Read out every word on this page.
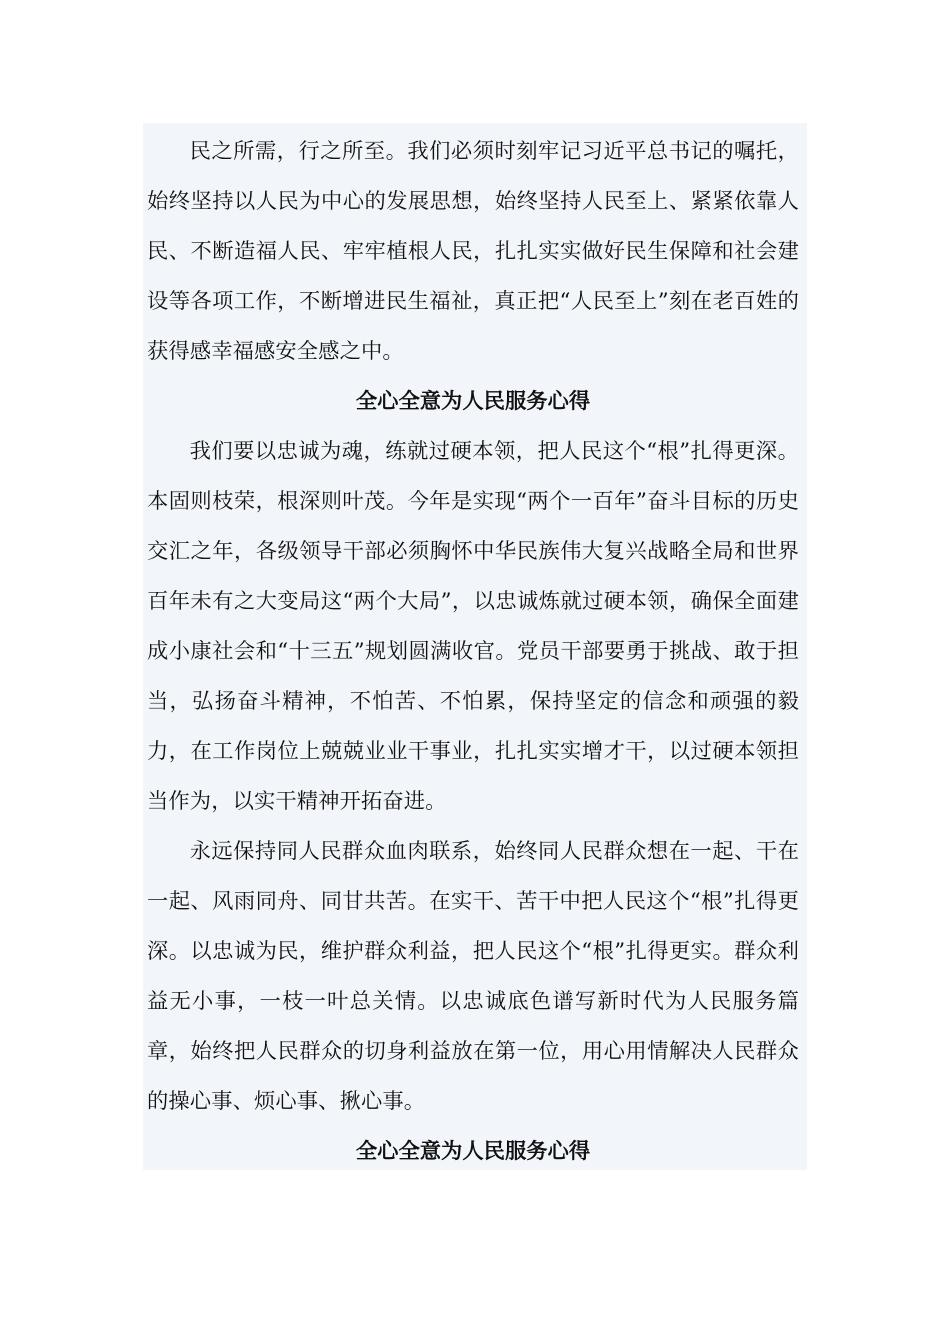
民之所需，行之所至。我们必须时刻牢记习近平总书记的嘱托，始终坚持以人民为中心的发展思想，始终坚持人民至上、紧紧依靠人民、不断造福人民、牢牢植根人民，扎扎实实做好民生保障和社会建设等各项工作，不断增进民生福祉，真正把“人民至上”刻在老百姓的获得感幸福感安全感之中。

全心全意为人民服务心得

我们要以忠诚为魂，练就过硬本领，把人民这个“根”扎得更深。本固则枝荣，根深则叶茂。今年是实现“两个一百年”奋斗目标的历史交汇之年，各级领导干部必须胸怀中华民族伟大复兴战略全局和世界百年未有之大变局这“两个大局”，以忠诚炼就过硬本领，确保全面建成小康社会和“十三五”规划圆满收官。党员干部要勇于挑战、敢于担当，弘扬奋斗精神，不怕苦、不怕累，保持坚定的信念和顽强的毅力，在工作岗位上兢兢业业干事业，扎扎实实增才干，以过硬本领担当作为，以实干精神开拓奋进。

永远保持同人民群众血肉联系，始终同人民群众想在一起、干在一起、风雨同舟、同甘共苦。在实干、苦干中把人民这个“根”扎得更深。以忠诚为民，维护群众利益，把人民这个“根”扎得更实。群众利益无小事，一枝一叶总关情。以忠诚底色谱写新时代为人民服务篇章，始终把人民群众的切身利益放在第一位，用心用情解决人民群众的操心事、烦心事、揪心事。

全心全意为人民服务心得
